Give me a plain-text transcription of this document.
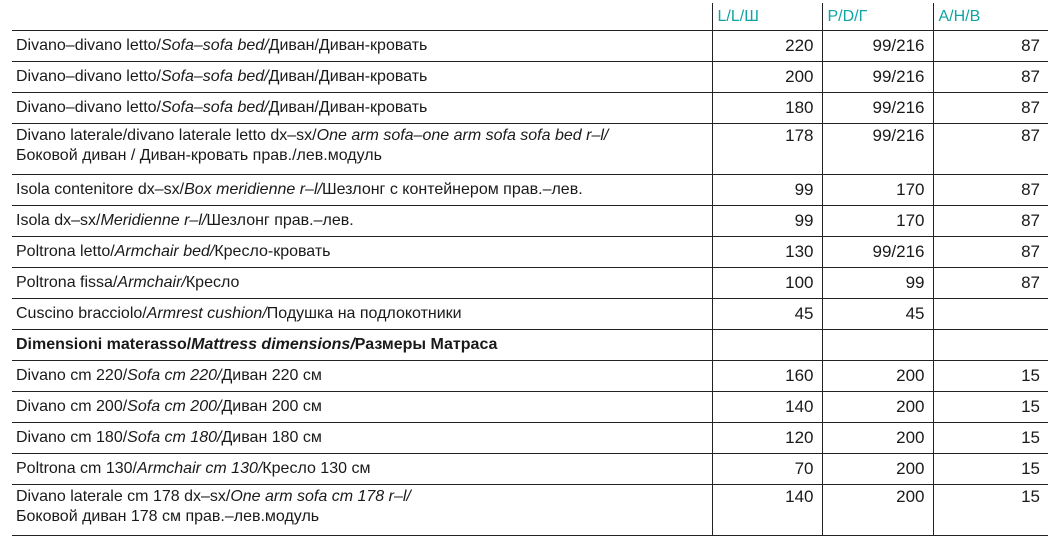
	L/L/Ш	P/D/Г	A/H/B
Divano–divano letto/Sofa–sofa bed/Диван/Диван-кровать	220	99/216	87
Divano–divano letto/Sofa–sofa bed/Диван/Диван-кровать	200	99/216	87
Divano–divano letto/Sofa–sofa bed/Диван/Диван-кровать	180	99/216	87
Divano laterale/divano laterale letto dx–sx/One arm sofa–one arm sofa sofa bed r–l/
Боковой диван / Диван-кровать прав./лев.модуль	178	99/216	87
Isola contenitore dx–sx/Box meridienne r–l/Шезлонг с контейнером прав.–лев.	99	170	87
Isola dx–sx/Meridienne r–l/Шезлонг прав.–лев.	99	170	87
Poltrona letto/Armchair bed/Кресло-кровать	130	99/216	87
Poltrona fissa/Armchair/Кресло	100	99	87
Cuscino bracciolo/Armrest cushion/Подушка на подлокотники	45	45	
Dimensioni materasso/Mattress dimensions/Размеры Матраса			
Divano cm 220/Sofa cm 220/Диван 220 см	160	200	15
Divano cm 200/Sofa cm 200/Диван 200 см	140	200	15
Divano cm 180/Sofa cm 180/Диван 180 см	120	200	15
Poltrona cm 130/Armchair cm 130/Кресло 130 см	70	200	15
Divano laterale cm 178 dx–sx/One arm sofa cm 178 r–l/
Боковой диван 178 см прав.–лев.модуль	140	200	15
